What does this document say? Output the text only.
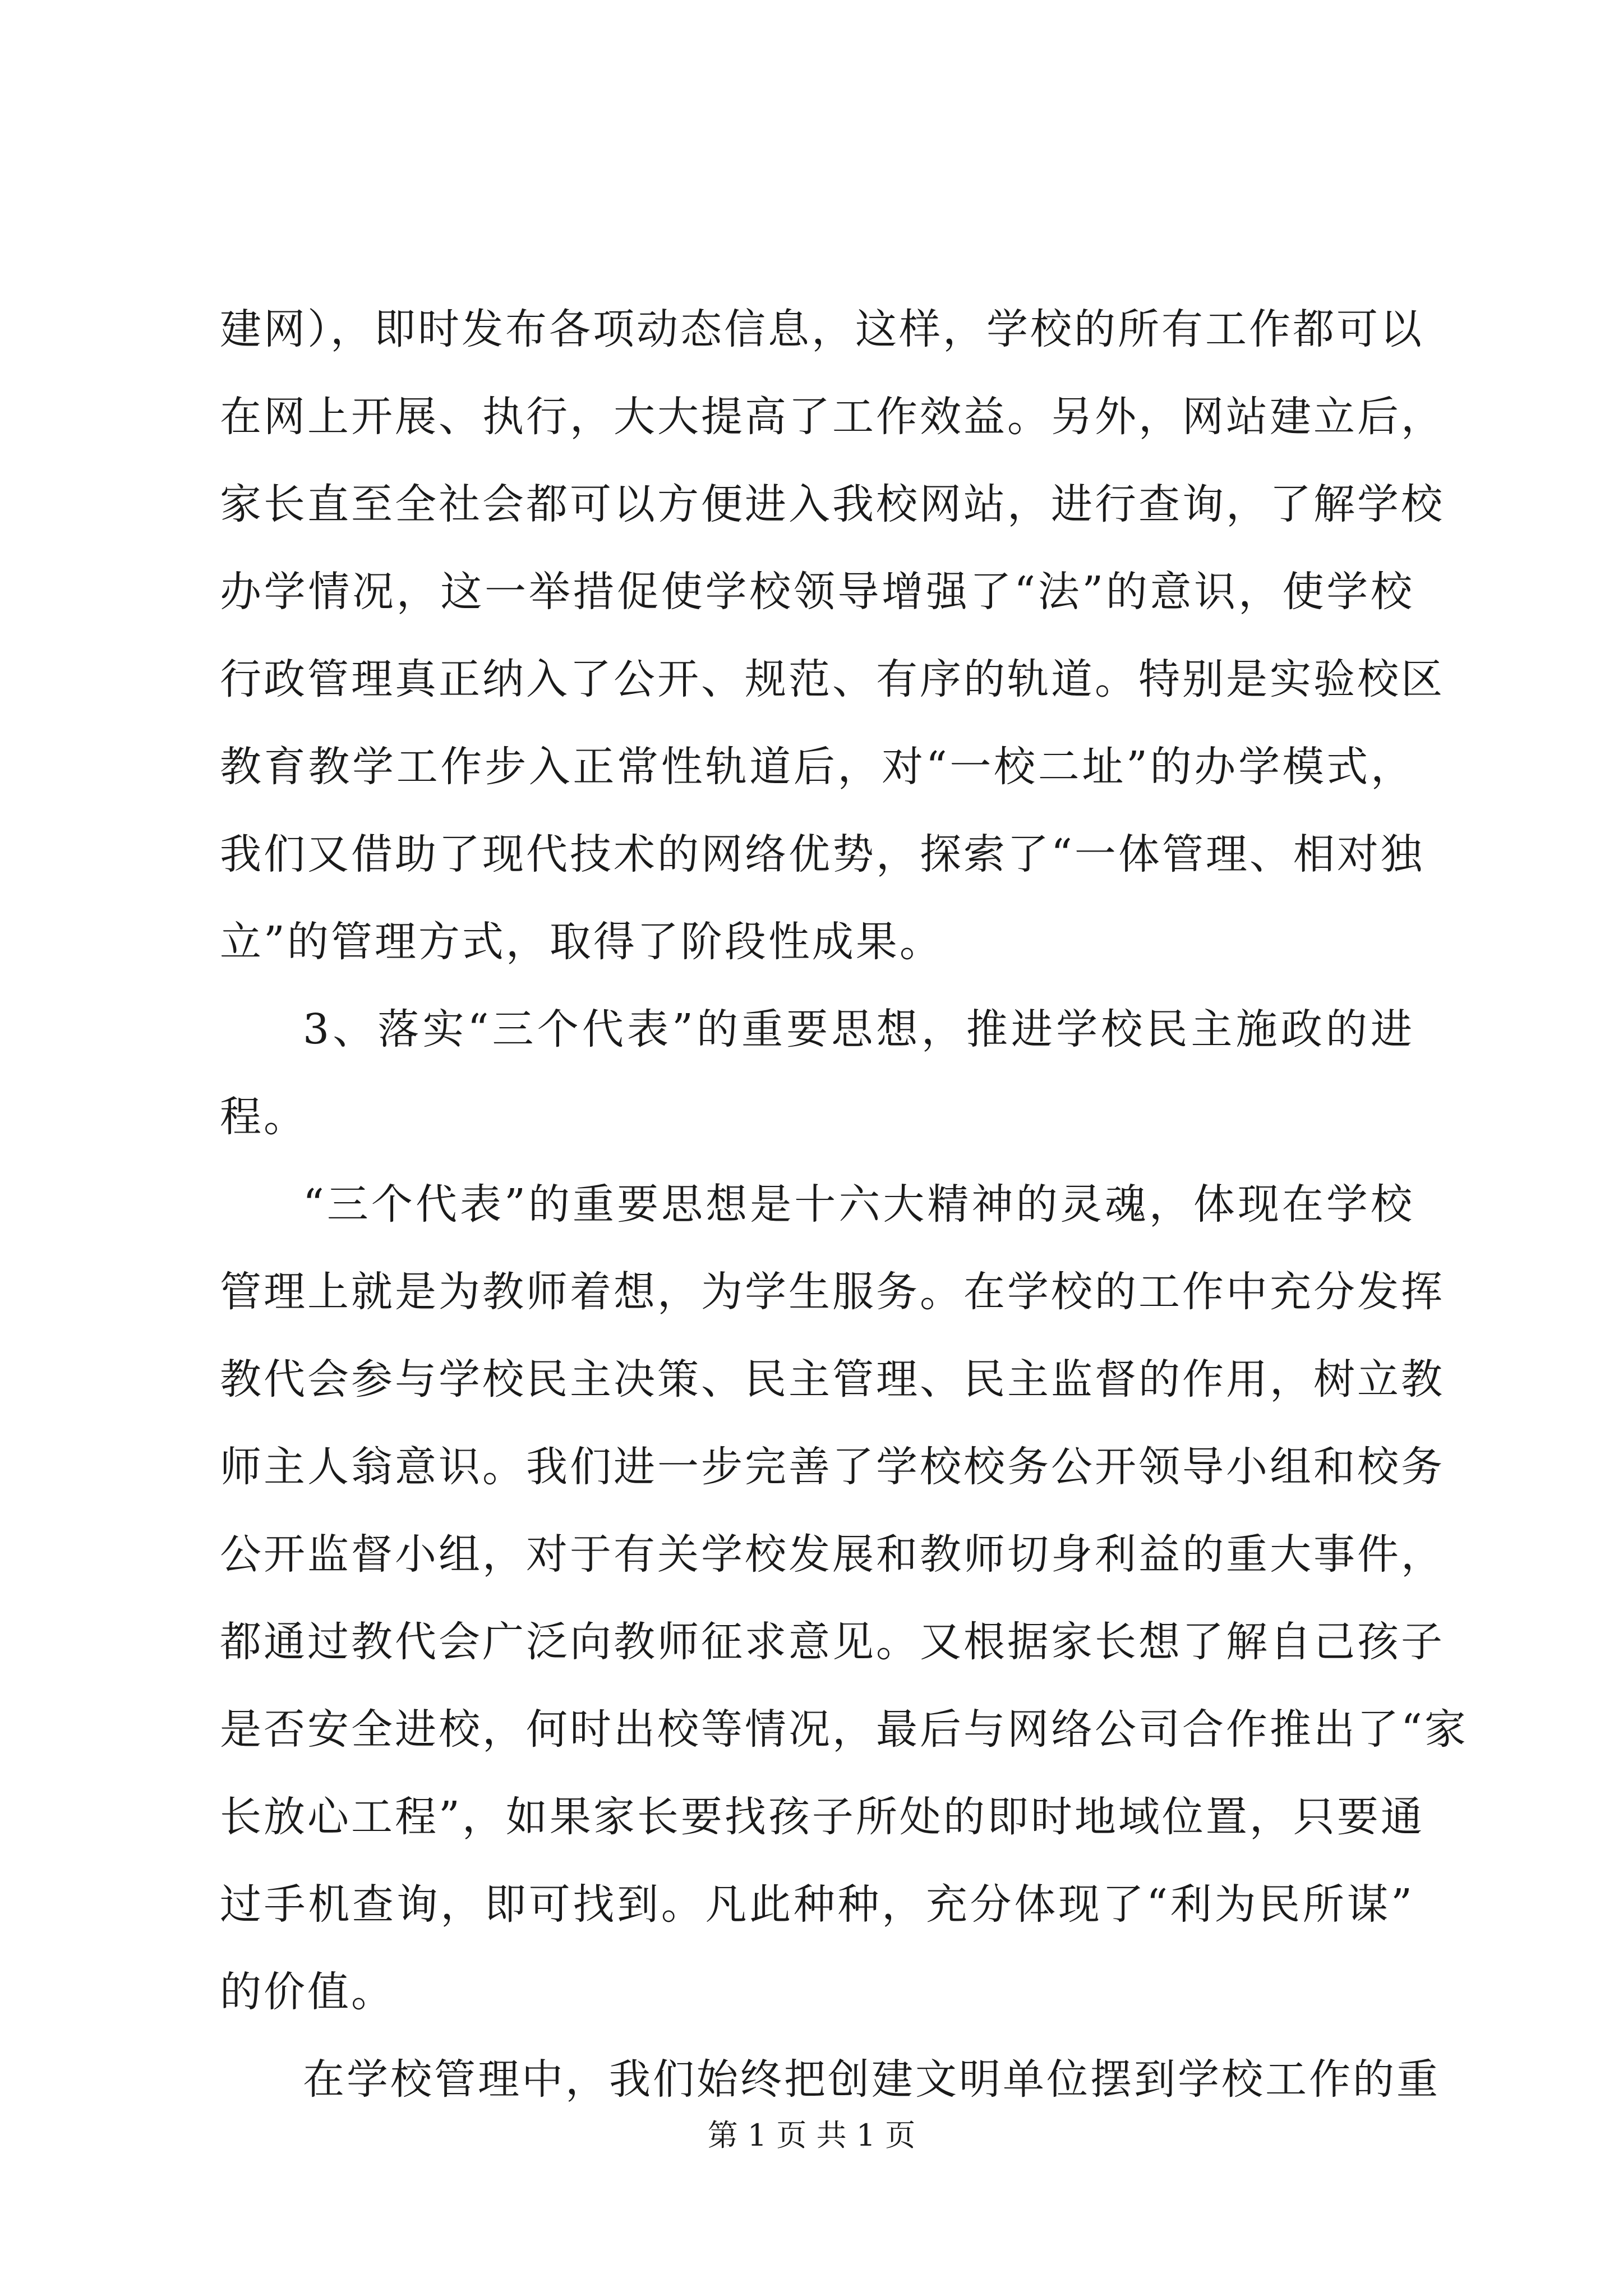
建网），即时发布各项动态信息，这样，学校的所有工作都可以
在网上开展、执行，大大提高了工作效益。另外，网站建立后，
家长直至全社会都可以方便进入我校网站，进行查询，了解学校
办学情况，这一举措促使学校领导增强了“法”的意识，使学校
行政管理真正纳入了公开、规范、有序的轨道。特别是实验校区
教育教学工作步入正常性轨道后，对“一校二址”的办学模式，
我们又借助了现代技术的网络优势，探索了“一体管理、相对独
立”的管理方式，取得了阶段性成果。
3、落实“三个代表”的重要思想，推进学校民主施政的进
程。
“三个代表”的重要思想是十六大精神的灵魂，体现在学校
管理上就是为教师着想，为学生服务。在学校的工作中充分发挥
教代会参与学校民主决策、民主管理、民主监督的作用，树立教
师主人翁意识。我们进一步完善了学校校务公开领导小组和校务
公开监督小组，对于有关学校发展和教师切身利益的重大事件，
都通过教代会广泛向教师征求意见。又根据家长想了解自己孩子
是否安全进校，何时出校等情况，最后与网络公司合作推出了“家
长放心工程”，如果家长要找孩子所处的即时地域位置，只要通
过手机查询，即可找到。凡此种种，充分体现了“利为民所谋”
的价值。
在学校管理中，我们始终把创建文明单位摆到学校工作的重
第 1 页 共 1 页
